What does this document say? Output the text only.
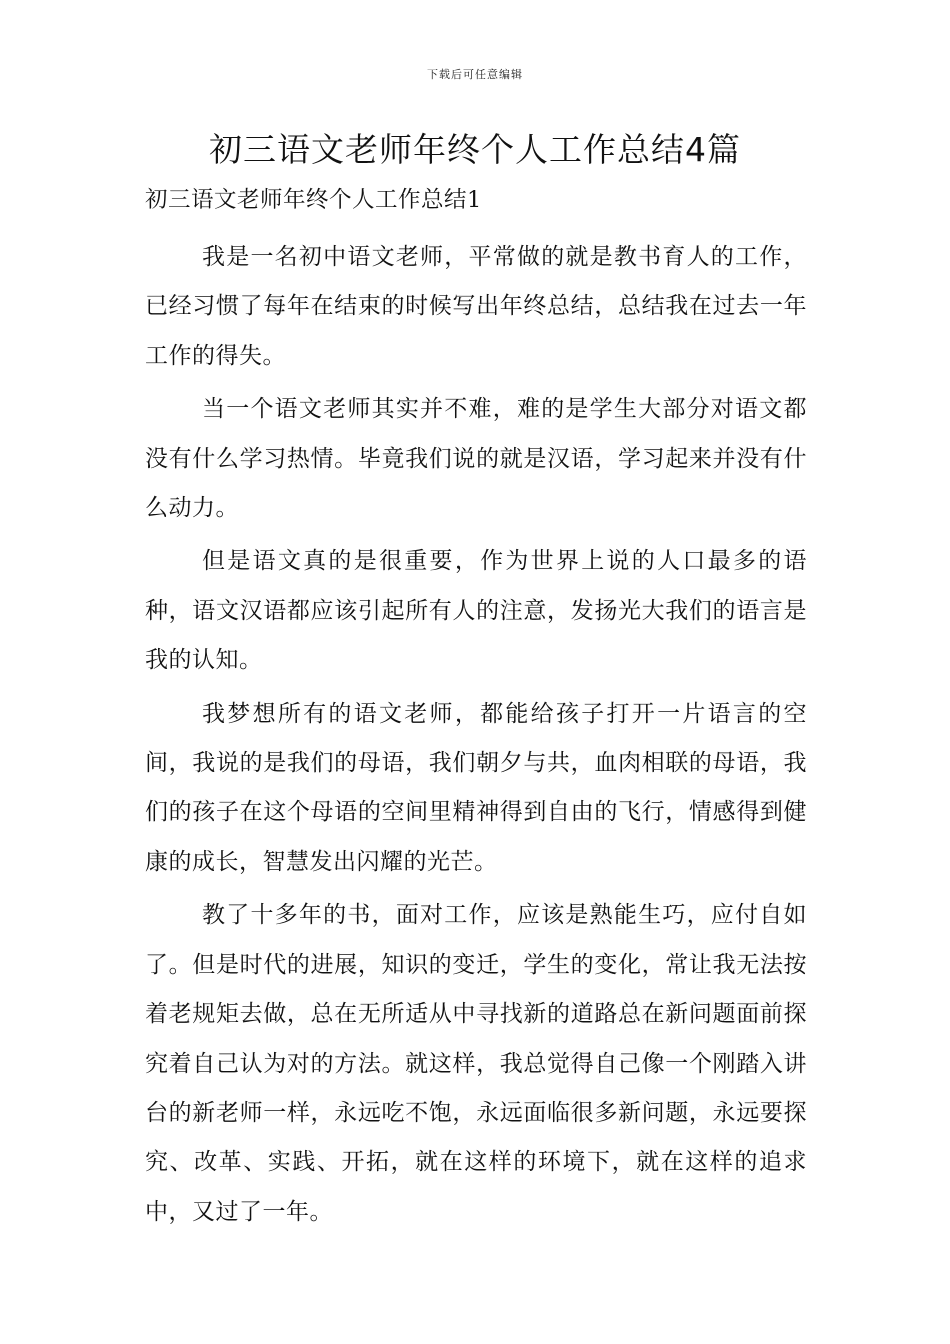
下载后可任意编辑
初三语文老师年终个人工作总结4篇

初三语文老师年终个人工作总结1

我是一名初中语文老师，平常做的就是教书育人的工作，已经习惯了每年在结束的时候写出年终总结，总结我在过去一年工作的得失。

当一个语文老师其实并不难，难的是学生大部分对语文都没有什么学习热情。毕竟我们说的就是汉语，学习起来并没有什么动力。

但是语文真的是很重要，作为世界上说的人口最多的语种，语文汉语都应该引起所有人的注意，发扬光大我们的语言是我的认知。

我梦想所有的语文老师，都能给孩子打开一片语言的空间，我说的是我们的母语，我们朝夕与共，血肉相联的母语，我们的孩子在这个母语的空间里精神得到自由的飞行，情感得到健康的成长，智慧发出闪耀的光芒。

教了十多年的书，面对工作，应该是熟能生巧，应付自如了。但是时代的进展，知识的变迁，学生的变化，常让我无法按着老规矩去做，总在无所适从中寻找新的道路总在新问题面前探究着自己认为对的方法。就这样，我总觉得自己像一个刚踏入讲台的新老师一样，永远吃不饱，永远面临很多新问题，永远要探究、改革、实践、开拓，就在这样的环境下，就在这样的追求中，又过了一年。
